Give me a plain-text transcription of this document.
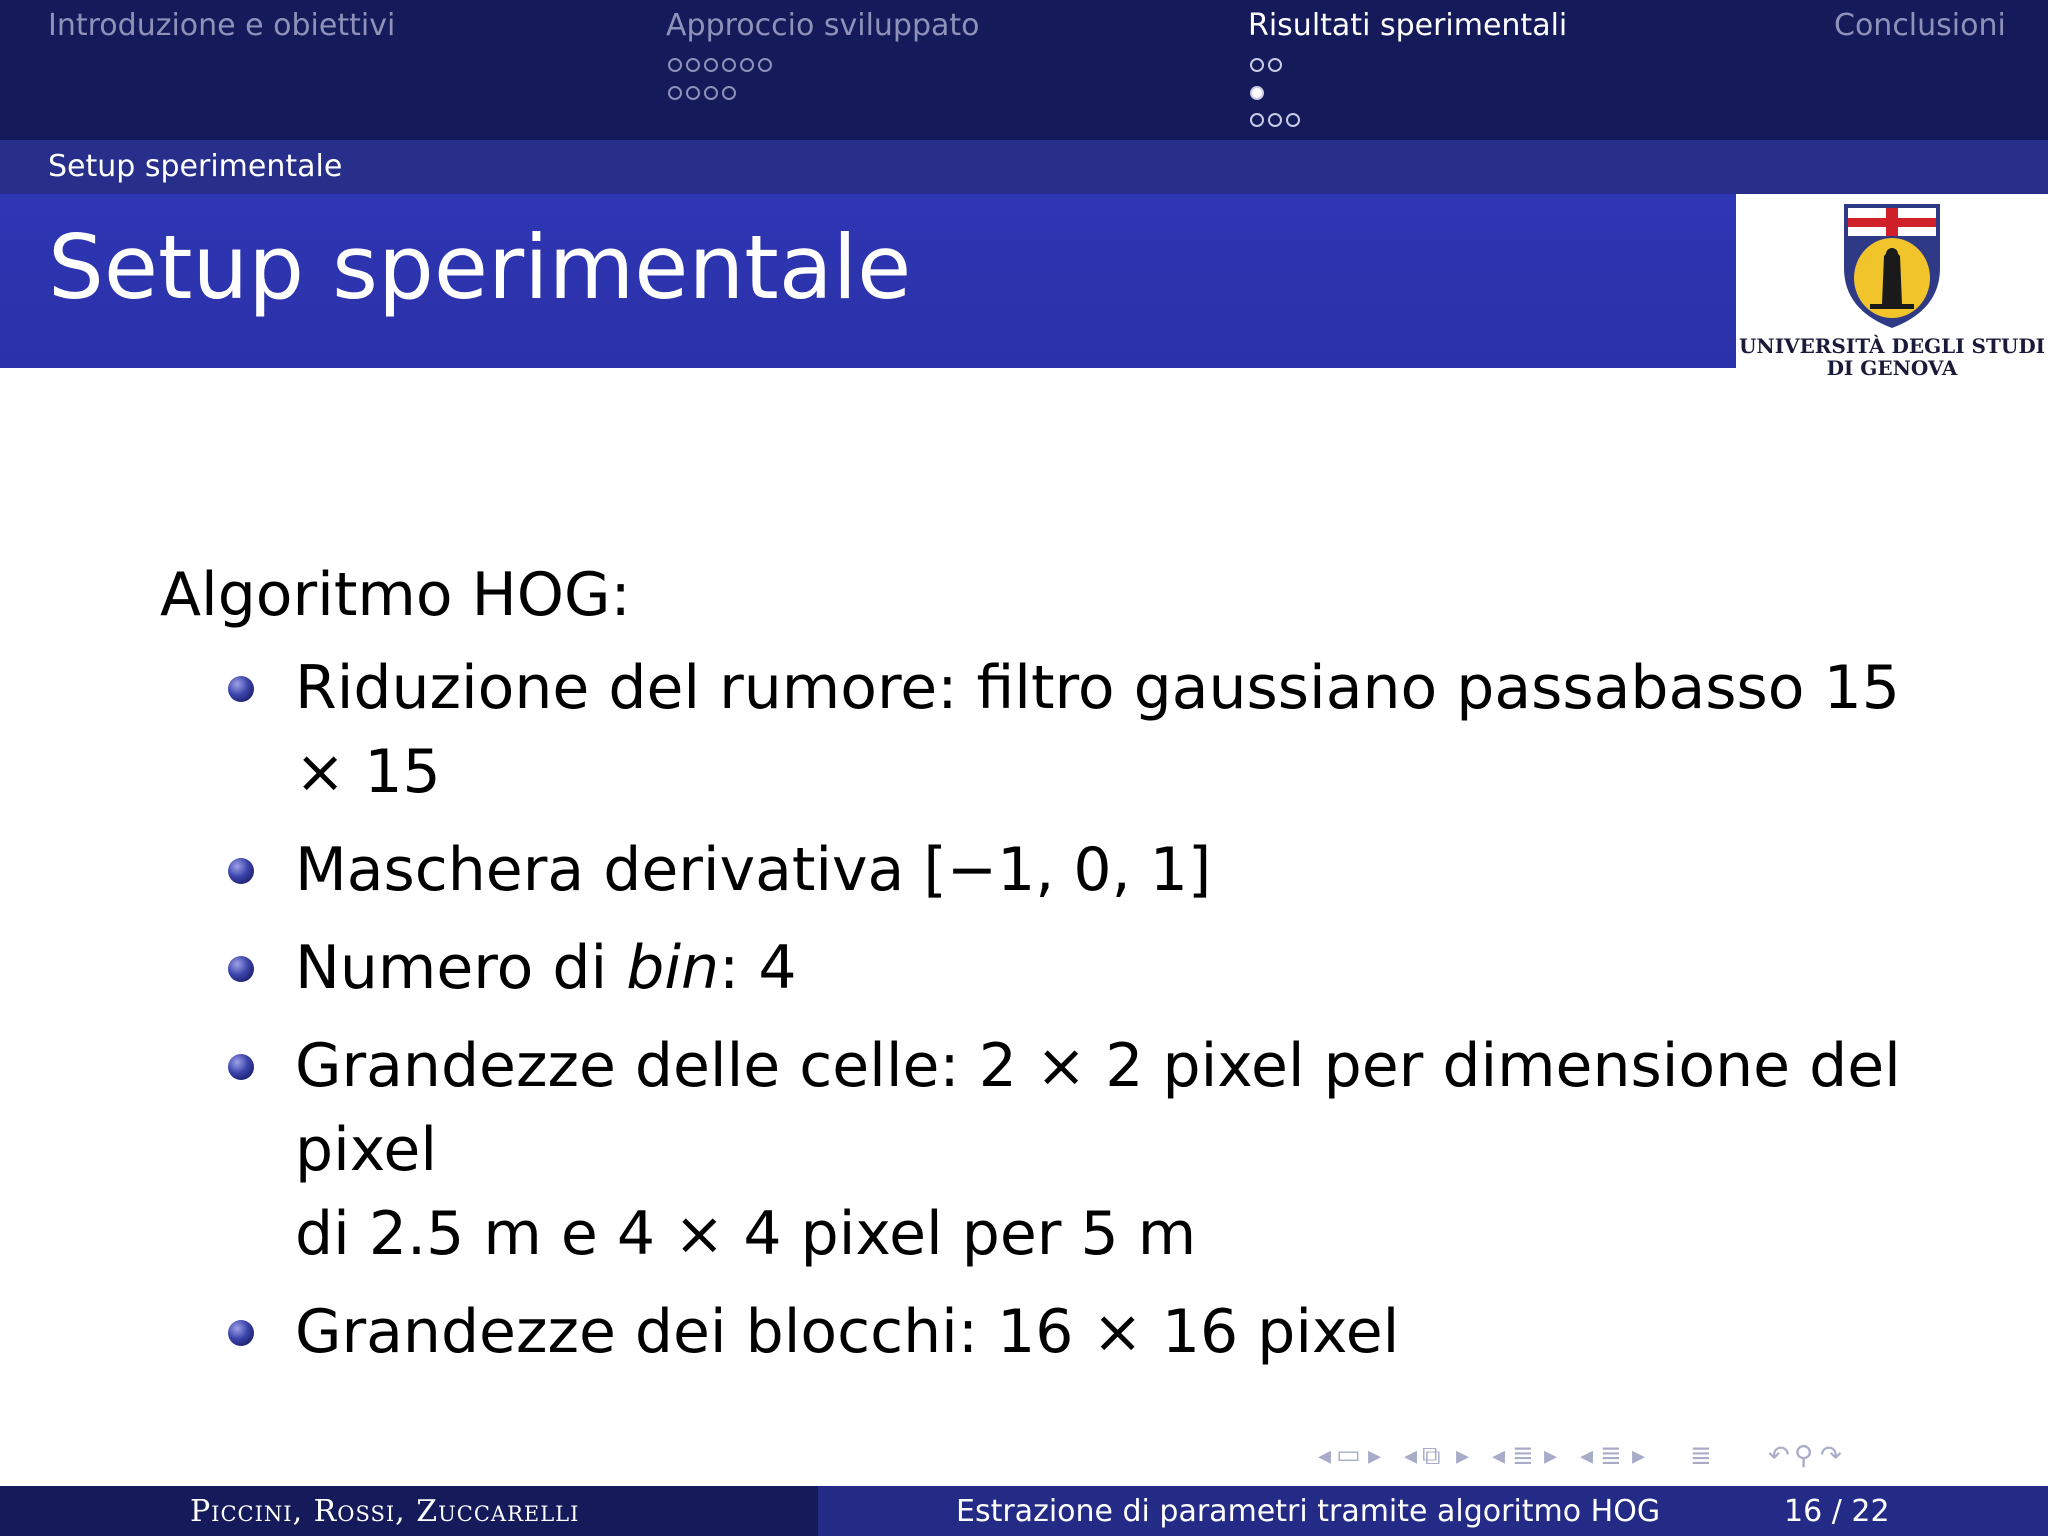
Introduzione e obiettivi	Approccio sviluppato	Risultati sperimentali	Conclusioni
Setup sperimentale
Setup sperimentale
UNIVERSITÀ DEGLI STUDI
DI GENOVA

Algoritmo HOG:

Riduzione del rumore: filtro gaussiano passabasso 15 × 15
Maschera derivativa [−1, 0, 1]
Numero di bin: 4
Grandezze delle celle: 2 × 2 pixel per dimensione del pixel
di 2.5 m e 4 × 4 pixel per 5 m
Grandezze dei blocchi: 16 × 16 pixel
◂ ▭ ▸ ◂ ⧉ ▸ ◂ ≣ ▸ ◂ ≣ ▸ ≣ ↶ ⚲ ↷
Piccini, Rossi, Zuccarelli	Estrazione di parametri tramite algoritmo HOG	16 / 22
